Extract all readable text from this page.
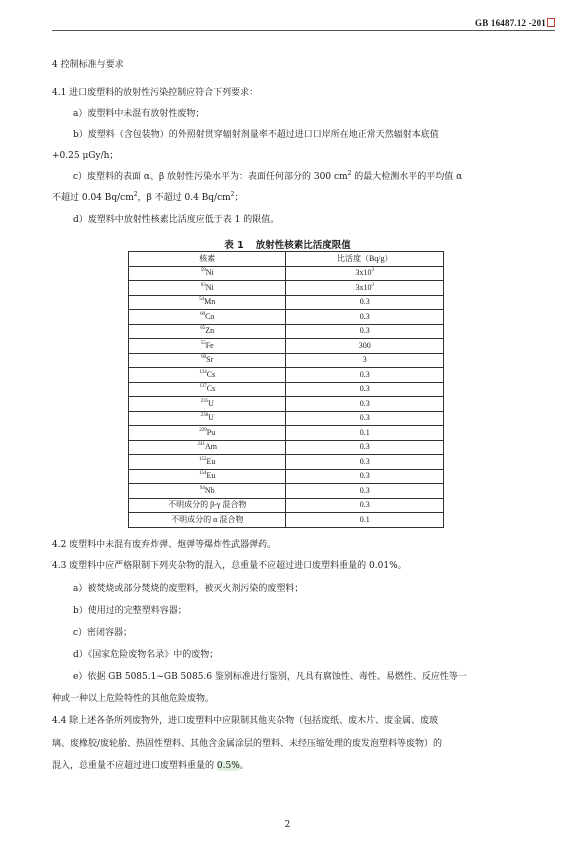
GB 16487.12 -201
4 控制标准与要求
4.1 进口废塑料的放射性污染控制应符合下列要求：
a）废塑料中未混有放射性废物；
b）废塑料（含包装物）的外照射贯穿辐射剂量率不超过进口口岸所在地正常天然辐射本底值
+0.25 μGy/h；
c）废塑料的表面 α、β 放射性污染水平为：表面任何部分的 300 $cm^2$ 的最大检测水平的平均值 α
不超过 0.04 $Bq/cm^2$，β 不超过 0.4 $Bq/cm^2$；
d）废塑料中放射性核素比活度应低于表 1 的限值。
表 1 放射性核素比活度限值
核素	比活度（Bq/g）
$^{59}$Ni	$3x10^3$
$^{63}$Ni	$3x10^3$
$^{54}$Mn	0.3
$^{60}$Co	0.3
$^{65}$Zn	0.3
$^{55}$Fe	300
$^{90}$Sr	3
$^{134}$Cs	0.3
$^{137}$Cs	0.3
$^{235}$U	0.3
$^{238}$U	0.3
$^{239}$Pu	0.1
$^{241}$Am	0.3
$^{152}$Eu	0.3
$^{154}$Eu	0.3
$^{94}$Nb	0.3
不明成分的 β-γ 混合物	0.3
不明成分的 α 混合物	0.1
4.2 废塑料中未混有废弃炸弹、炮弹等爆炸性武器弹药。
4.3 废塑料中应严格限制下列夹杂物的混入，总重量不应超过进口废塑料重量的 0.01%。
a）被焚烧或部分焚烧的废塑料，被灭火剂污染的废塑料；
b）使用过的完整塑料容器；
c）密闭容器；
d）《国家危险废物名录》中的废物；
e）依据 GB 5085.1~GB 5085.6 鉴别标准进行鉴别，凡具有腐蚀性、毒性、易燃性、反应性等一
种或一种以上危险特性的其他危险废物。
4.4 除上述各条所列废物外，进口废塑料中应限制其他夹杂物（包括废纸、废木片、废金属、废玻
璃、废橡胶/废轮胎、热固性塑料、其他含金属涂层的塑料、未经压缩处理的废发泡塑料等废物）的
混入，总重量不应超过进口废塑料重量的 0.5%。
2
